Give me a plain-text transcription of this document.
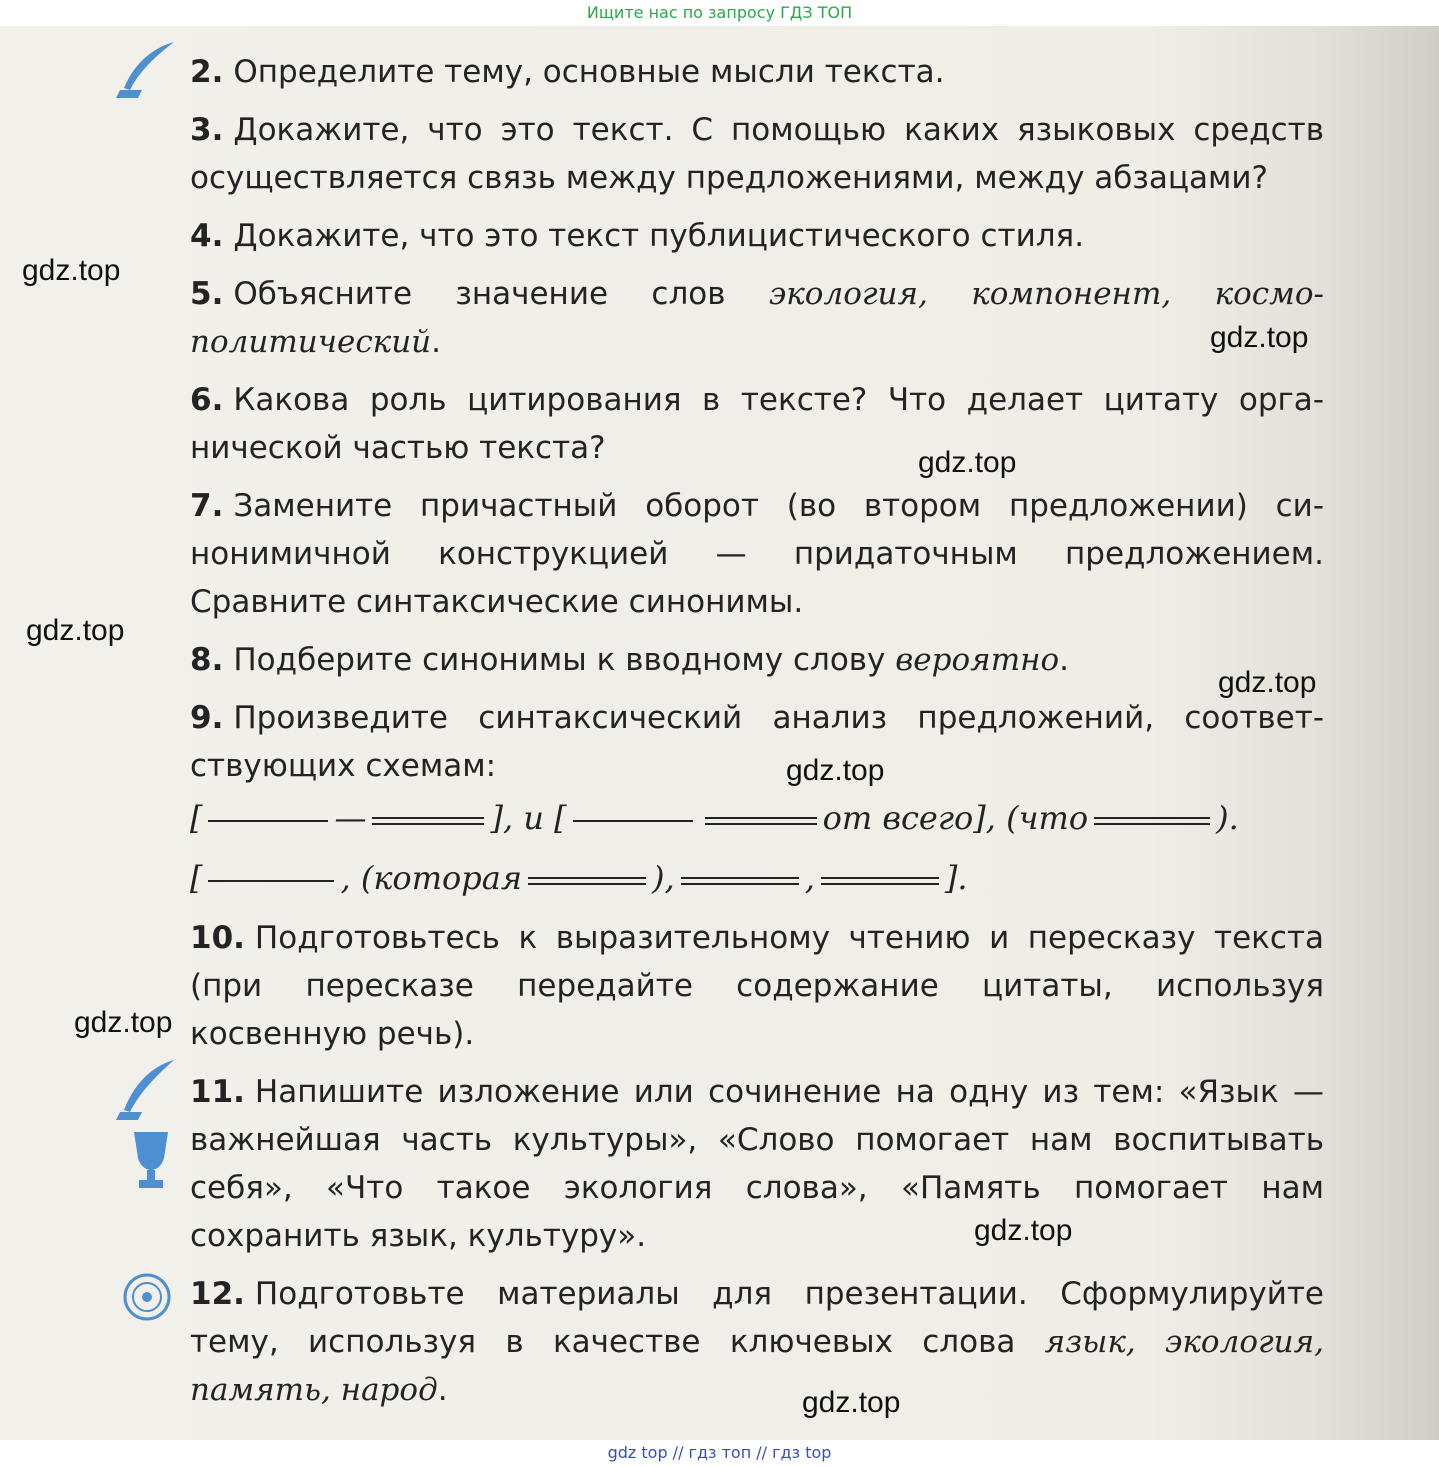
Ищите нас по запросу ГДЗ ТОП
2. Определите тему, основные мысли текста.
3. Докажите, что это текст. С помощью каких языковых средств осуществляется связь между предложениями, между абзацами?
4. Докажите, что это текст публицистического стиля.
5. Объясните значение слов экология, компонент, космополитический.
6. Какова роль цитирования в тексте? Что делает цитату органической частью текста?
7. Замените причастный оборот (во втором предложении) синонимичной конструкцией — придаточным предложением. Сравните синтаксические синонимы.
8. Подберите синонимы к вводному слову вероятно.
9. Произведите синтаксический анализ предложений, соответствующих схемам:
[	—	], и [	от всего], (что	).
[	, (которая	),	,	].
10. Подготовьтесь к выразительному чтению и пересказу текста (при пересказе передайте содержание цитаты, используя косвенную речь).
11. Напишите изложение или сочинение на одну из тем: «Язык — важнейшая часть культуры», «Слово помогает нам воспитывать себя», «Что такое экология слова», «Память помогает нам сохранить язык, культуру».
12. Подготовьте материалы для презентации. Сформулируйте тему, используя в качестве ключевых слова язык, экология, память, народ.
gdz.top
gdz.top
gdz.top
gdz.top
gdz.top
gdz.top
gdz.top
gdz.top
gdz.top
gdz top // гдз топ // гдз top
